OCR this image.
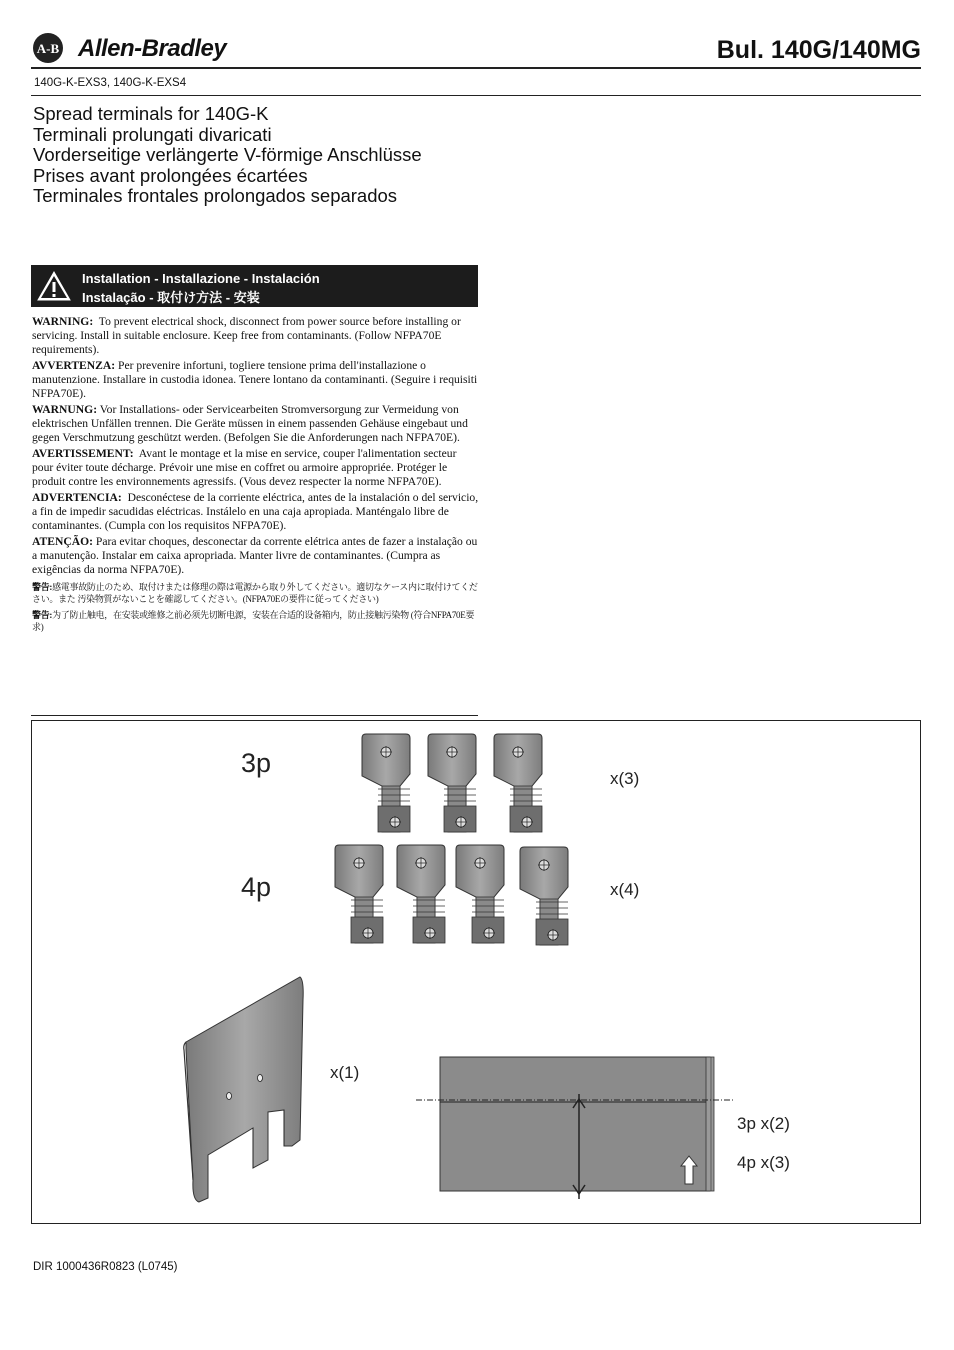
A-B Allen-Bradley	Bul. 140G/140MG
140G-K-EXS3, 140G-K-EXS4
Spread terminals for 140G-K
Terminali prolungati divaricati
Vorderseitige verlängerte V-förmige Anschlüsse
Prises avant prolongées écartées
Terminales frontales prolongados separados
Installation - Installazione - Instalación
Instalação - 取付け方法 - 安装

WARNING: To prevent electrical shock, disconnect from power source before installing or servicing. Install in suitable enclosure. Keep free from contaminants. (Follow NFPA70E requirements).

AVVERTENZA: Per prevenire infortuni, togliere tensione prima dell'installazione o manutenzione. Installare in custodia idonea. Tenere lontano da contaminanti. (Seguire i requisiti NFPA70E).

WARNUNG: Vor Installations- oder Servicearbeiten Stromversorgung zur Vermeidung von elektrischen Unfällen trennen. Die Geräte müssen in einem passenden Gehäuse eingebaut und gegen Verschmutzung geschützt werden. (Befolgen Sie die Anforderungen nach NFPA70E).

AVERTISSEMENT: Avant le montage et la mise en service, couper l'alimentation secteur pour éviter toute décharge. Prévoir une mise en coffret ou armoire appropriée. Protéger le produit contre les environnements agressifs. (Vous devez respecter la norme NFPA70E).

ADVERTENCIA: Desconéctese de la corriente eléctrica, antes de la instalación o del servicio, a fin de impedir sacudidas eléctricas. Instálelo en una caja apropiada. Manténgalo libre de contaminantes. (Cumpla con los requisitos NFPA70E).

ATENÇÃO: Para evitar choques, desconectar da corrente elétrica antes de fazer a instalação ou a manutenção. Instalar em caixa apropriada. Manter livre de contaminantes. (Cumpra as exigências da norma NFPA70E).

警告:感電事故防止のため、取付けまたは修理の際は電源から取り外してください。適切なケース内に取付けてください。また 汚染物質がないことを確認してください。(NFPA70Eの要件に従ってください)

警告:为了防止触电，在安装或维修之前必须先切断电源，安装在合适的设备箱内，防止接触污染物 (符合NFPA70E要求)

3p
4p
x(3)
x(4)
x(1)
3p x(2)
4p x(3)
DIR 1000436R0823 (L0745)
